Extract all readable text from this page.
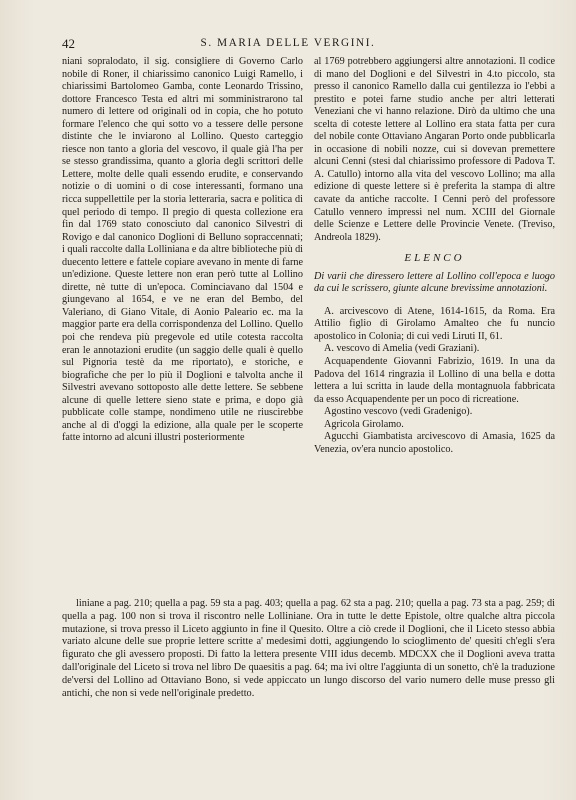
42	S. MARIA DELLE VERGINI.

niani sopralodato, il sig. consigliere di Governo Carlo nobile di Roner, il chiarissimo canonico Luigi Ramello, i chiarissimi Bartolomeo Gamba, conte Leonardo Trissino, dottore Francesco Testa ed altri mi somministrarono tal numero di lettere od originali od in copia, che ho potuto formare l'elenco che qui sotto vo a tessere delle persone distinte che le inviarono al Lollino. Questo carteggio riesce non tanto a gloria del vescovo, il quale già l'ha per se stesso grandissima, quanto a gloria degli scrittori delle Lettere, molte delle quali essendo erudite, e conservando notizie o di uomini o di cose interessanti, formano una ricca suppellettile per la storia letteraria, sacra e politica di quel periodo di tempo. Il pregio di questa collezione era fin dal 1769 stato conosciuto dal canonico Silvestri di Rovigo e dal canonico Doglioni di Belluno sopraccennati; i quali raccolte dalla Lolliniana e da altre biblioteche più di duecento lettere e fattele copiare avevano in mente di farne un'edizione. Queste lettere non eran però tutte al Lollino dirette, nè tutte di un'epoca. Cominciavano dal 1504 e giungevano al 1654, e ve ne eran del Bembo, del Valeriano, di Giano Vitale, di Aonio Paleario ec. ma la maggior parte era della corrispondenza del Lollino. Quello poi che rendeva più pregevole ed utile cotesta raccolta eran le annotazioni erudite (un saggio delle quali è quello sul Pignoria testè da me riportato), e storiche, e biografiche che per lo più il Doglioni e talvolta anche il Silvestri avevano sottoposto alle dette lettere. Se sebbene alcune di quelle lettere sieno state e prima, e dopo già pubblicate colle stampe, nondimeno utile ne riuscirebbe anche al dì d'oggi la edizione, alla quale per le scoperte fatte intorno ad alcuni illustri posteriormente

al 1769 potrebbero aggiungersi altre annotazioni. Il codice di mano del Doglioni e del Silvestri in 4.to piccolo, sta presso il canonico Ramello dalla cui gentilezza io l'ebbi a prestito e potei farne studio anche per altri letterati Veneziani che vi hanno relazione. Dirò da ultimo che una scelta di coteste lettere al Lollino era stata fatta per cura del nobile conte Ottaviano Angaran Porto onde pubblicarla in occasione di nobili nozze, cui si dovevan premettere alcuni Cenni (stesi dal chiarissimo professore di Padova T. A. Catullo) intorno alla vita del vescovo Lollino; ma alla edizione di queste lettere si è preferita la stampa di altre cavate da antiche raccolte. I Cenni però del professore Catullo vennero impressi nel num. XCIII del Giornale delle Scienze e Lettere delle Provincie Venete. (Treviso, Andreola 1829).

ELENCO

Di varii che diressero lettere al Lollino coll'epoca e luogo da cui le scrissero, giunte alcune brevissime annotazioni.

A. arcivescovo di Atene, 1614-1615, da Roma. Era Attilio figlio di Girolamo Amalteo che fu nuncio apostolico in Colonia; di cui vedi Liruti II, 61.

A. vescovo di Amelia (vedi Graziani).

Acquapendente Giovanni Fabrizio, 1619. In una da Padova del 1614 ringrazia il Lollino di una bella e dotta lettera a lui scritta in laude della montagnuola fabbricata da esso Acquapendente per un poco di ricreatione.

Agostino vescovo (vedi Gradenigo).

Agricola Girolamo.

Agucchi Giambatista arcivescovo di Amasia, 1625 da Venezia, ov'era nuncio apostolico.

liniane a pag. 210; quella a pag. 59 sta a pag. 403; quella a pag. 62 sta a pag. 210; quella a pag. 73 sta a pag. 259; di quella a pag. 100 non si trova il riscontro nelle Lolliniane. Ora in tutte le dette Epistole, oltre qualche altra piccola mutazione, si trova presso il Liceto aggiunto in fine il Quesito. Oltre a ciò crede il Doglioni, che il Liceto stesso abbia variato alcune delle sue proprie lettere scritte a' medesimi dotti, aggiungendo lo scioglimento de' quesiti ch'egli s'era figurato che gli avessero proposti. Di fatto la lettera presente VIII idus decemb. MDCXX che il Doglioni aveva tratta dall'originale del Liceto si trova nel libro De quaesitis a pag. 64; ma ivi oltre l'aggiunta di un sonetto, ch'è la traduzione de'versi del Lollino ad Ottaviano Bono, si vede appiccato un lungo discorso del vario numero delle muse presso gli antichi, che non si vede nell'originale predetto.
